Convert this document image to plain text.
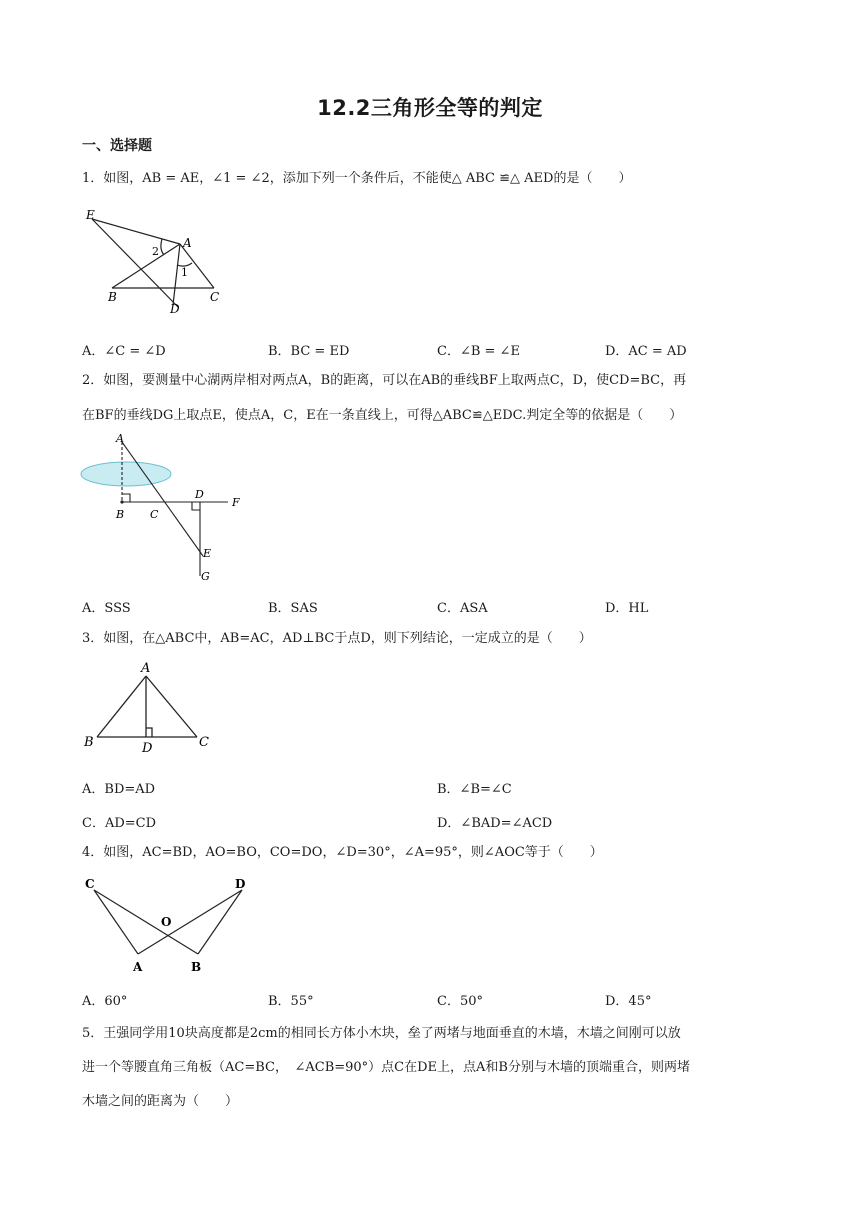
12.2三角形全等的判定
一、选择题
1．如图，AB = AE，∠1 = ∠2，添加下列一个条件后，不能使△ ABC ≌△ AED的是（　　）
E
A
B	C
D
2
1
A．∠C = ∠D	B．BC = ED	C．∠B = ∠E	D．AC = AD
2．如图，要测量中心湖两岸相对两点A，B的距离，可以在AB的垂线BF上取两点C，D，使CD=BC，再
在BF的垂线DG上取点E，使点A，C，E在一条直线上，可得△ABC≌△EDC.判定全等的依据是（　　）
A
B C
D
F
E
G
A．SSS	B．SAS	C．ASA	D．HL
3．如图，在△ABC中，AB=AC，AD⊥BC于点D，则下列结论，一定成立的是（　　）
A
B	D	C
A．BD=AD	B．∠B=∠C
C．AD=CD	D．∠BAD=∠ACD
4．如图，AC=BD，AO=BO，CO=DO，∠D=30°，∠A=95°，则∠AOC等于（　　）
C	D
O
A	B
A．60°	B．55°	C．50°	D．45°
5．王强同学用10块高度都是2cm的相同长方体小木块，垒了两堵与地面垂直的木墙，木墙之间刚可以放
进一个等腰直角三角板（AC=BC，　∠ACB=90°）点C在DE上，点A和B分别与木墙的顶端重合，则两堵
木墙之间的距离为（　　）
